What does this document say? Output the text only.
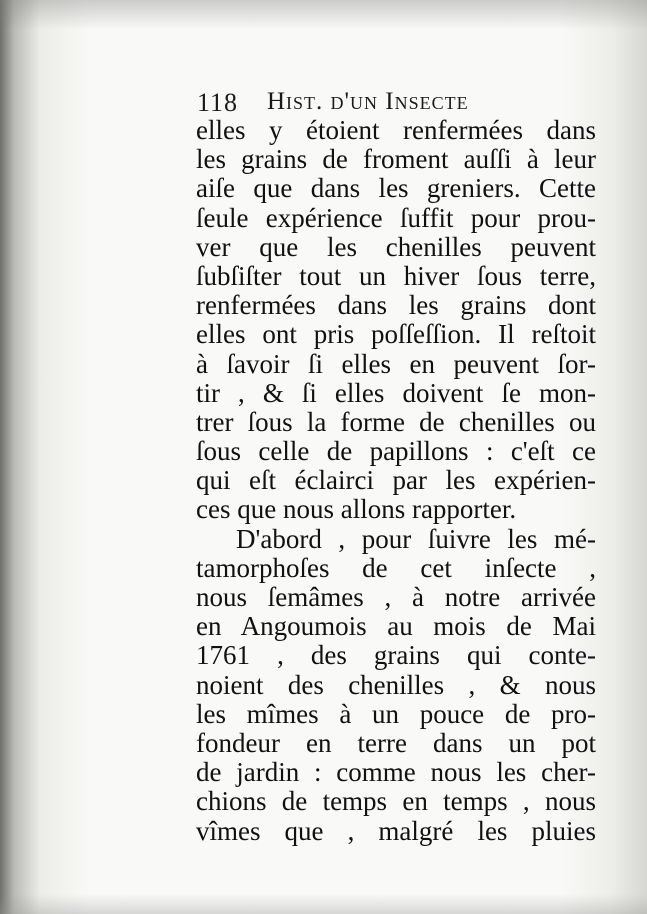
118 Hist. d'un Insecte
elles y étoient renfermées dans
les grains de froment auſſi à leur
aiſe que dans les greniers. Cette
ſeule expérience ſuffit pour prou-
ver que les chenilles peuvent
ſubſiſter tout un hiver ſous terre,
renfermées dans les grains dont
elles ont pris poſſeſſion. Il reſtoit
à ſavoir ſi elles en peuvent ſor-
tir , & ſi elles doivent ſe mon-
trer ſous la forme de chenilles ou
ſous celle de papillons : c'eſt ce
qui eſt éclairci par les expérien-
ces que nous allons rapporter.
D'abord , pour ſuivre les mé-
tamorphoſes de cet inſecte ,
nous ſemâmes , à notre arrivée
en Angoumois au mois de Mai
1761 , des grains qui conte-
noient des chenilles , & nous
les mîmes à un pouce de pro-
fondeur en terre dans un pot
de jardin : comme nous les cher-
chions de temps en temps , nous
vîmes que , malgré les pluies
